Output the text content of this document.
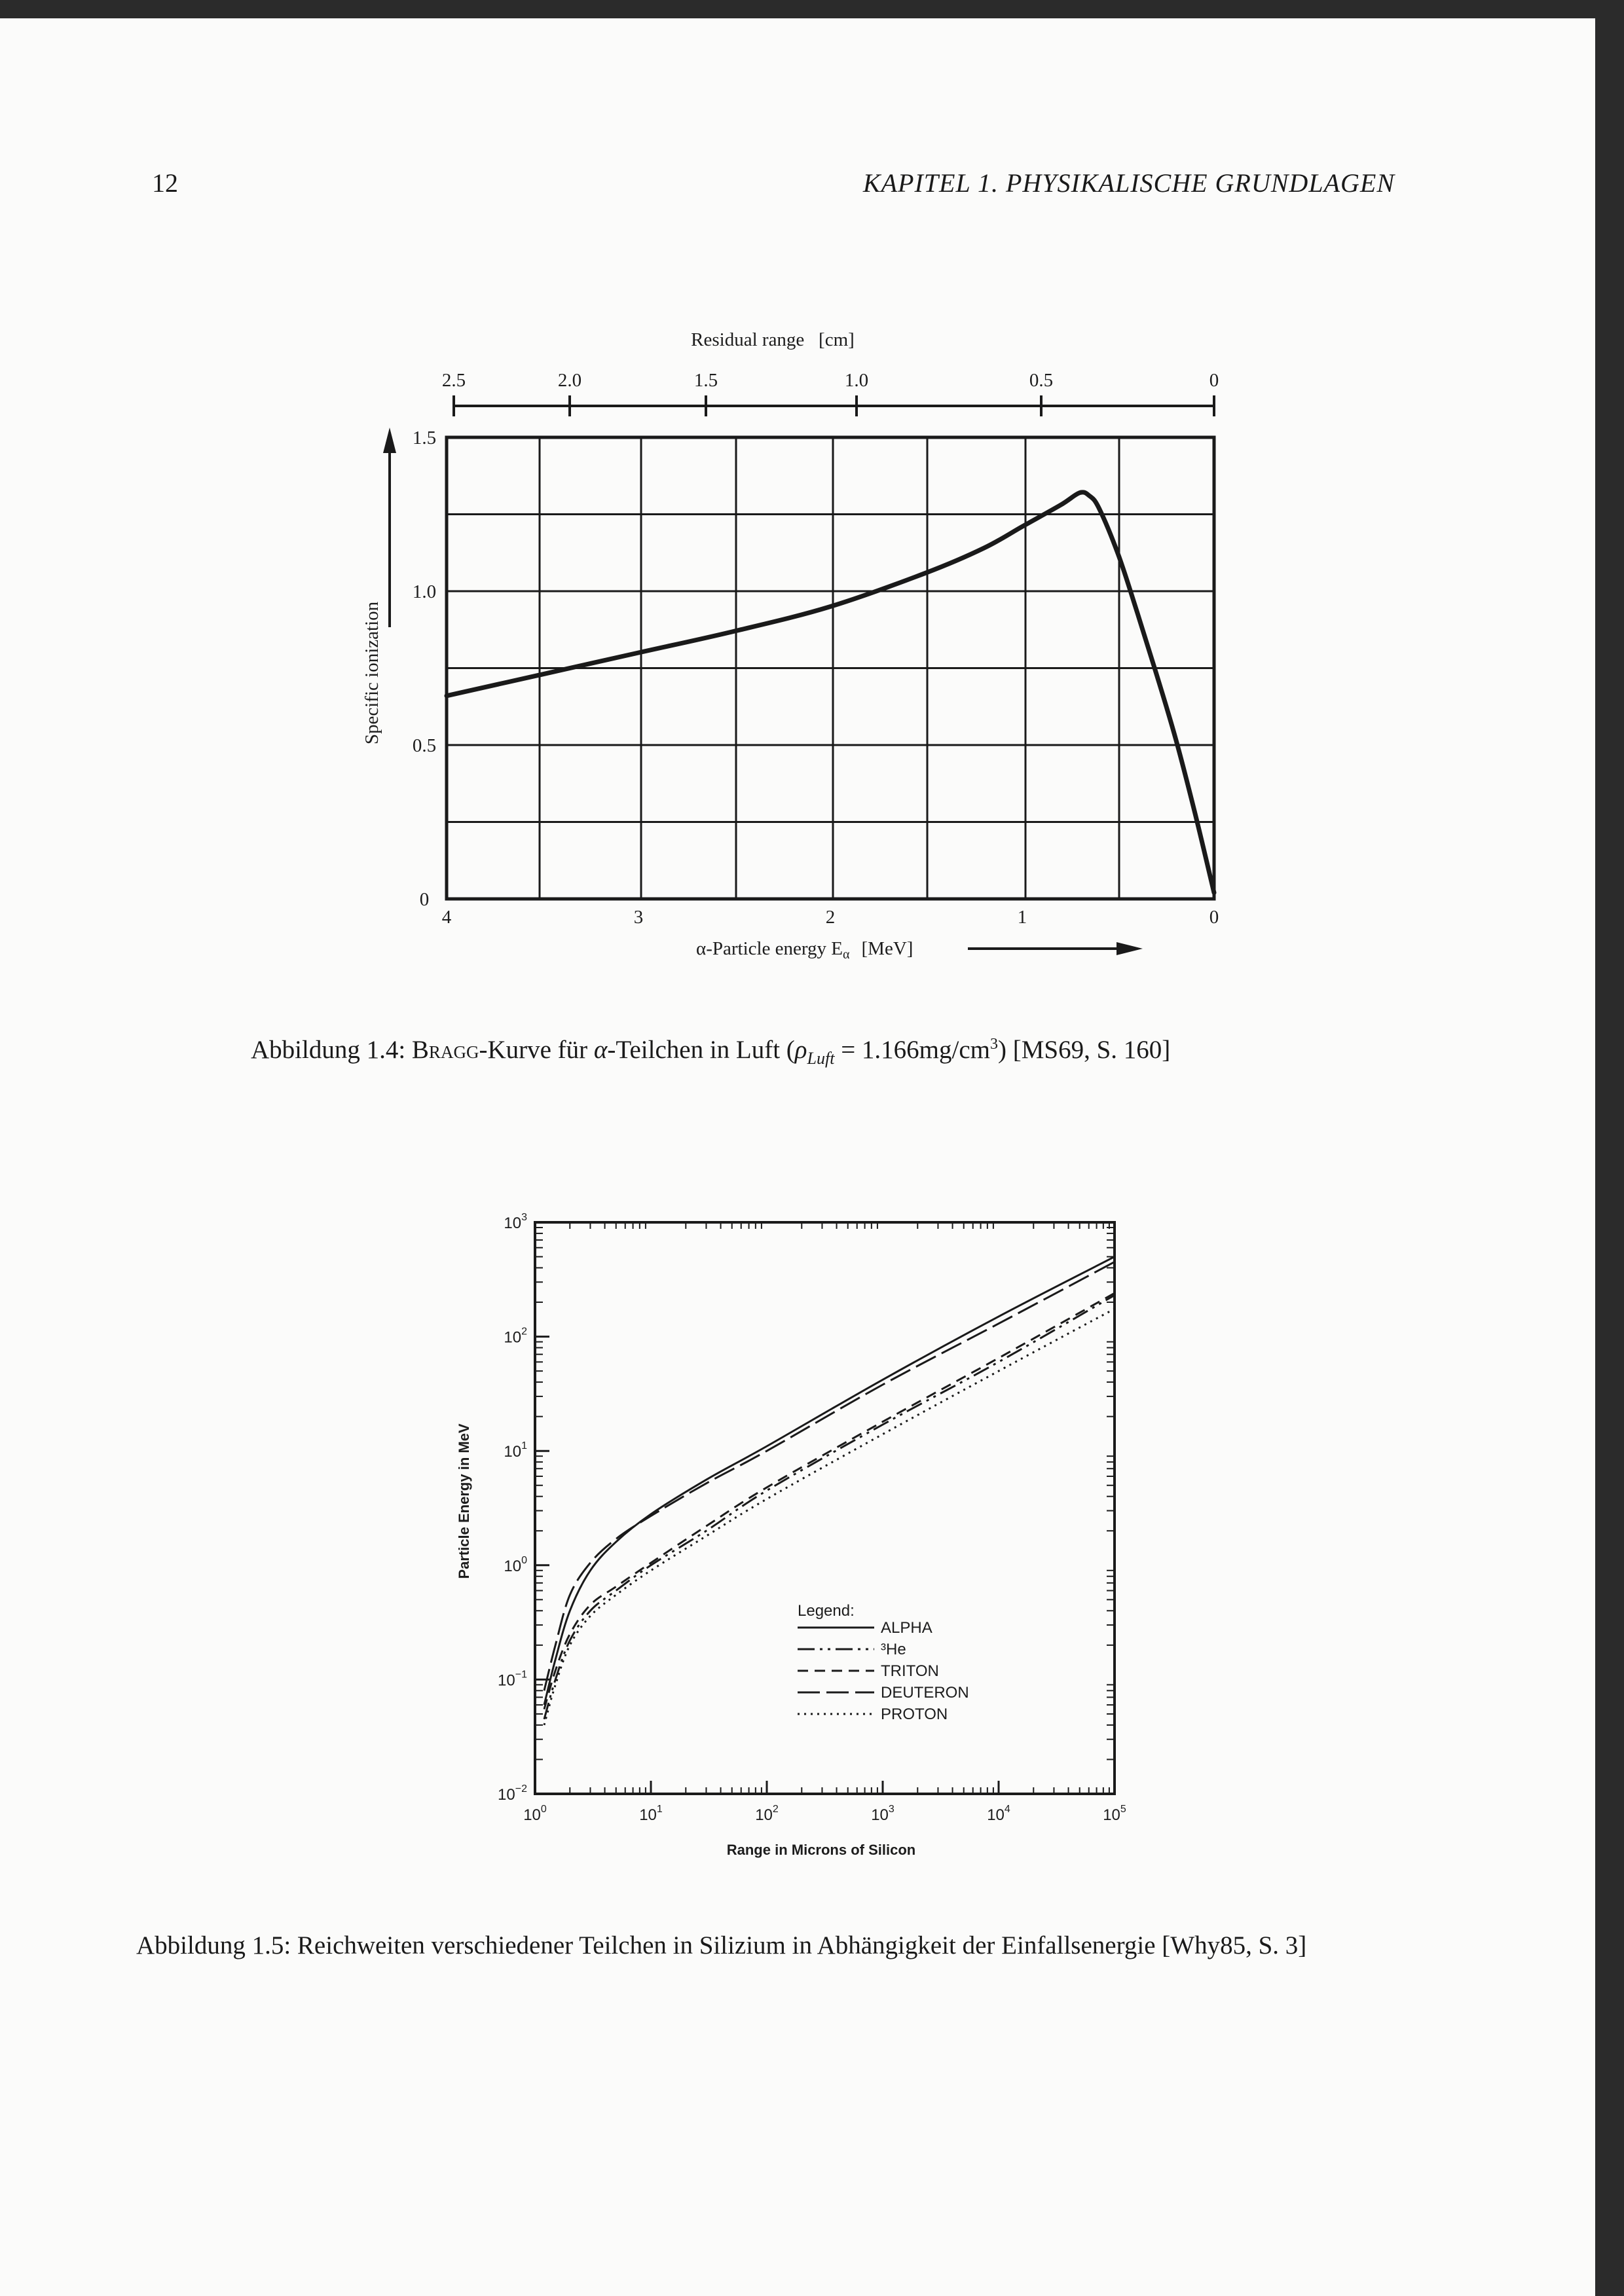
12	KAPITEL 1. PHYSIKALISCHE GRUNDLAGEN
Residual range   [cm]
2.5	2.0	1.5	1.0	0.5	0
0
0.5
1.0
1.5
Specific ionization
4	3	2	1	0
α-Particle energy $E_\alpha$ [MeV]
Abbildung 1.4: Bragg-Kurve für α-Teilchen in Luft $(\rho_{Luft} = 1.166mg/cm^3)$ [MS69, S. 160]
$10^0$	$10^1$	$10^2$	$10^3$	$10^4$	$10^5$
$10^{-2}$
$10^{-1}$
$10^0$
$10^1$
$10^2$
$10^3$
Range in Microns of Silicon
Particle Energy in MeV
Legend:
ALPHA
³He
TRITON
DEUTERON
PROTON
Abbildung 1.5: Reichweiten verschiedener Teilchen in Silizium in Abhängigkeit der Einfallsenergie [Why85, S. 3]
